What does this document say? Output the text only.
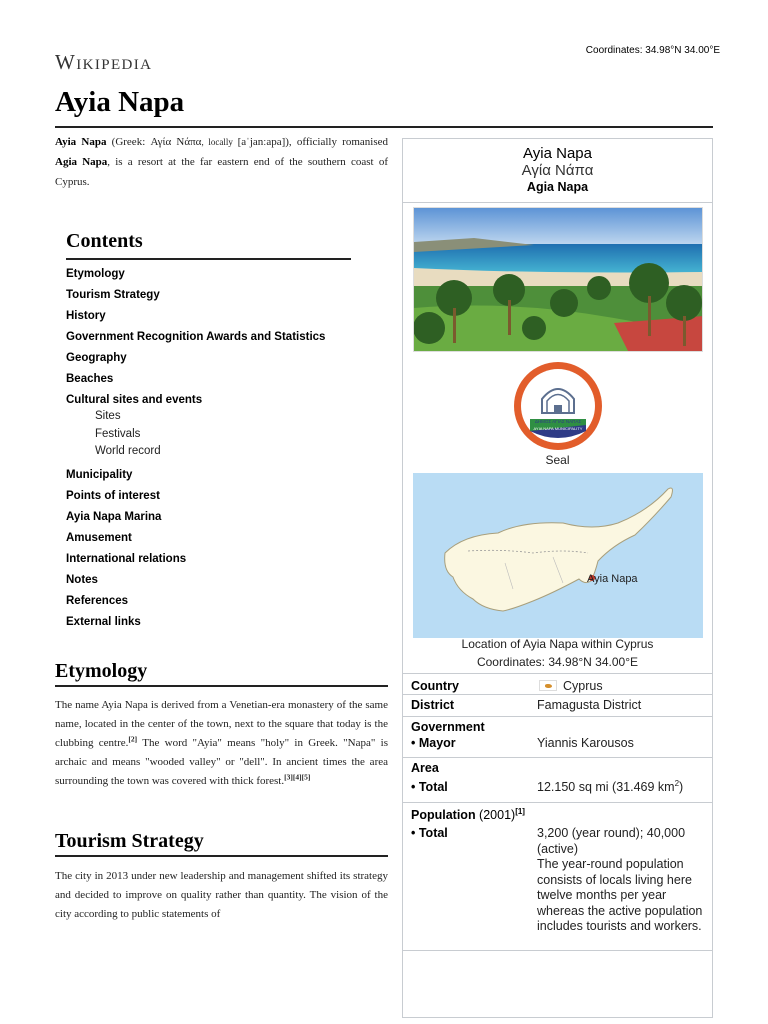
Wikipedia	Coordinates: 34.98°N 34.00°E
Ayia Napa
Ayia Napa (Greek: Αγία Νάπα, locally [aˈjanːapa]), officially romanised Agia Napa, is a resort at the far eastern end of the southern coast of Cyprus.
Contents
Etymology
Tourism Strategy
History
Government Recognition Awards and Statistics
Geography
Beaches
Cultural sites and events
Sites
Festivals
World record
Municipality
Points of interest
Ayia Napa Marina
Amusement
International relations
Notes
References
External links
Etymology
The name Ayia Napa is derived from a Venetian-era monastery of the same name, located in the center of the town, next to the square that today is the clubbing centre.[2] The word "Ayia" means "holy" in Greek. "Napa" is archaic and means "wooded valley" or "dell". In ancient times the area surrounding the town was covered with thick forest.[3][4][5]
Tourism Strategy
The city in 2013 under new leadership and management shifted its strategy and decided to improve on quality rather than quantity. The vision of the city according to public statements of
Ayia Napa
Αγία Νάπα
Agia Napa
ΔΗΜΟΣ ΑΓΙΑΣ ΝΑΠΑΣ
AYIA NAPA MUNICIPALITY
Seal
Ayia Napa
Location of Ayia Napa within Cyprus
Coordinates: 34.98°N 34.00°E
Country	Cyprus
District	Famagusta District
Government
• Mayor	Yiannis Karousos
Area
• Total	12.150 sq mi (31.469 $km^2$)
Population (2001)[1]
• Total	3,200 (year round); 40,000 (active)
The year-round population consists of locals living here twelve months per year whereas the active population includes tourists and workers.
